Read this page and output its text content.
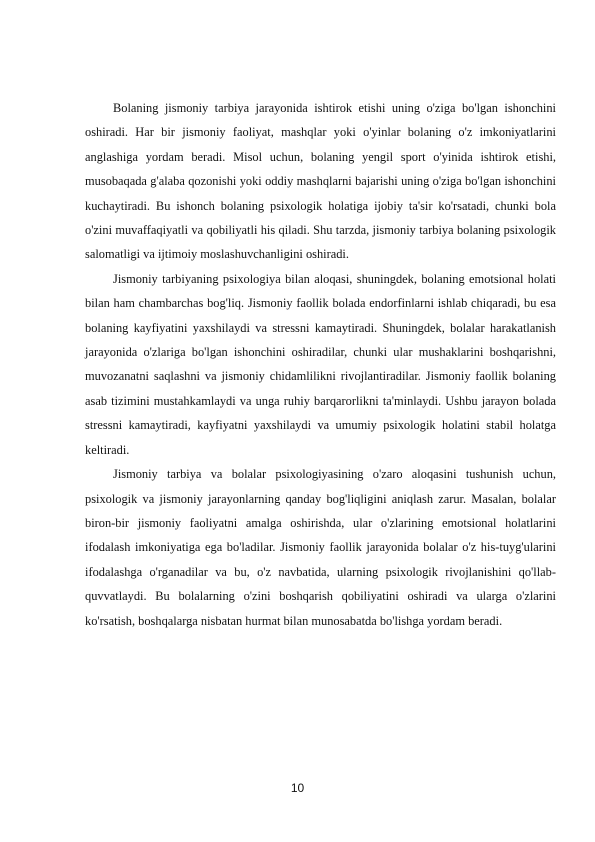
Bolaning jismoniy tarbiya jarayonida ishtirok etishi uning o'ziga bo'lgan ishonchini oshiradi. Har bir jismoniy faoliyat, mashqlar yoki o'yinlar bolaning o'z imkoniyatlarini anglashiga yordam beradi. Misol uchun, bolaning yengil sport o'yinida ishtirok etishi, musobaqada g'alaba qozonishi yoki oddiy mashqlarni bajarishi uning o'ziga bo'lgan ishonchini kuchaytiradi. Bu ishonch bolaning psixologik holatiga ijobiy ta'sir ko'rsatadi, chunki bola o'zini muvaffaqiyatli va qobiliyatli his qiladi. Shu tarzda, jismoniy tarbiya bolaning psixologik salomatligi va ijtimoiy moslashuvchanligini oshiradi.

Jismoniy tarbiyaning psixologiya bilan aloqasi, shuningdek, bolaning emotsional holati bilan ham chambarchas bog'liq. Jismoniy faollik bolada endorfinlarni ishlab chiqaradi, bu esa bolaning kayfiyatini yaxshilaydi va stressni kamaytiradi. Shuningdek, bolalar harakatlanish jarayonida o'zlariga bo'lgan ishonchini oshiradilar, chunki ular mushaklarini boshqarishni, muvozanatni saqlashni va jismoniy chidamlilikni rivojlantiradilar. Jismoniy faollik bolaning asab tizimini mustahkamlaydi va unga ruhiy barqarorlikni ta'minlaydi. Ushbu jarayon bolada stressni kamaytiradi, kayfiyatni yaxshilaydi va umumiy psixologik holatini stabil holatga keltiradi.

Jismoniy tarbiya va bolalar psixologiyasining o'zaro aloqasini tushunish uchun, psixologik va jismoniy jarayonlarning qanday bog'liqligini aniqlash zarur. Masalan, bolalar biron-bir jismoniy faoliyatni amalga oshirishda, ular o'zlarining emotsional holatlarini ifodalash imkoniyatiga ega bo'ladilar. Jismoniy faollik jarayonida bolalar o'z his-tuyg'ularini ifodalashga o'rganadilar va bu, o'z navbatida, ularning psixologik rivojlanishini qo'llab-quvvatlaydi. Bu bolalarning o'zini boshqarish qobiliyatini oshiradi va ularga o'zlarini ko'rsatish, boshqalarga nisbatan hurmat bilan munosabatda bo'lishga yordam beradi.

10
